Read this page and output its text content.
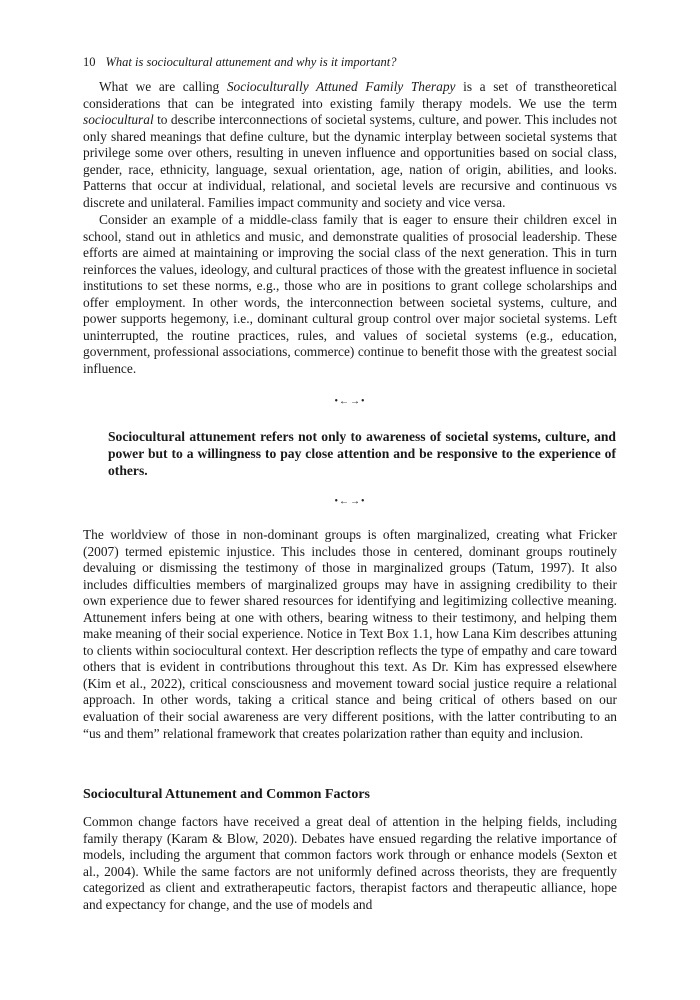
10 What is sociocultural attunement and why is it important?

What we are calling Socioculturally Attuned Family Therapy is a set of transtheoretical considerations that can be integrated into existing family therapy models. We use the term sociocultural to describe interconnections of societal systems, culture, and power. This includes not only shared meanings that define culture, but the dynamic interplay between societal systems that privilege some over others, resulting in uneven influence and opportunities based on social class, gender, race, ethnicity, language, sexual orientation, age, nation of origin, abilities, and looks. Patterns that occur at individual, relational, and societal levels are recursive and continuous vs discrete and unilateral. Families impact community and society and vice versa.

Consider an example of a middle-class family that is eager to ensure their children excel in school, stand out in athletics and music, and demonstrate qualities of prosocial leadership. These efforts are aimed at maintaining or improving the social class of the next generation. This in turn reinforces the values, ideology, and cultural practices of those with the greatest influence in societal institutions to set these norms, e.g., those who are in positions to grant college scholarships and offer employment. In other words, the interconnection between societal systems, culture, and power supports hegemony, i.e., dominant cultural group control over major societal systems. Left uninterrupted, the routine practices, rules, and values of societal systems (e.g., education, government, professional associations, commerce) continue to benefit those with the greatest social influence.

•←→•
Sociocultural attunement refers not only to awareness of societal systems, culture, and power but to a willingness to pay close attention and be responsive to the experience of others.
•←→•

The worldview of those in non-dominant groups is often marginalized, creating what Fricker (2007) termed epistemic injustice. This includes those in centered, dominant groups routinely devaluing or dismissing the testimony of those in marginalized groups (Tatum, 1997). It also includes difficulties members of marginalized groups may have in assigning credibility to their own experience due to fewer shared resources for identifying and legitimizing collective meaning. Attunement infers being at one with others, bearing witness to their testimony, and helping them make meaning of their social experience. Notice in Text Box 1.1, how Lana Kim describes attuning to clients within sociocultural context. Her description reflects the type of empathy and care toward others that is evident in contributions throughout this text. As Dr. Kim has expressed elsewhere (Kim et al., 2022), critical consciousness and movement toward social justice require a relational approach. In other words, taking a critical stance and being critical of others based on our evaluation of their social awareness are very different positions, with the latter contributing to an “us and them” relational framework that creates polarization rather than equity and inclusion.

Sociocultural Attunement and Common Factors

Common change factors have received a great deal of attention in the helping fields, including family therapy (Karam & Blow, 2020). Debates have ensued regarding the relative importance of models, including the argument that common factors work through or enhance models (Sexton et al., 2004). While the same factors are not uniformly defined across theorists, they are frequently categorized as client and extratherapeutic factors, therapist factors and therapeutic alliance, hope and expectancy for change, and the use of models and
